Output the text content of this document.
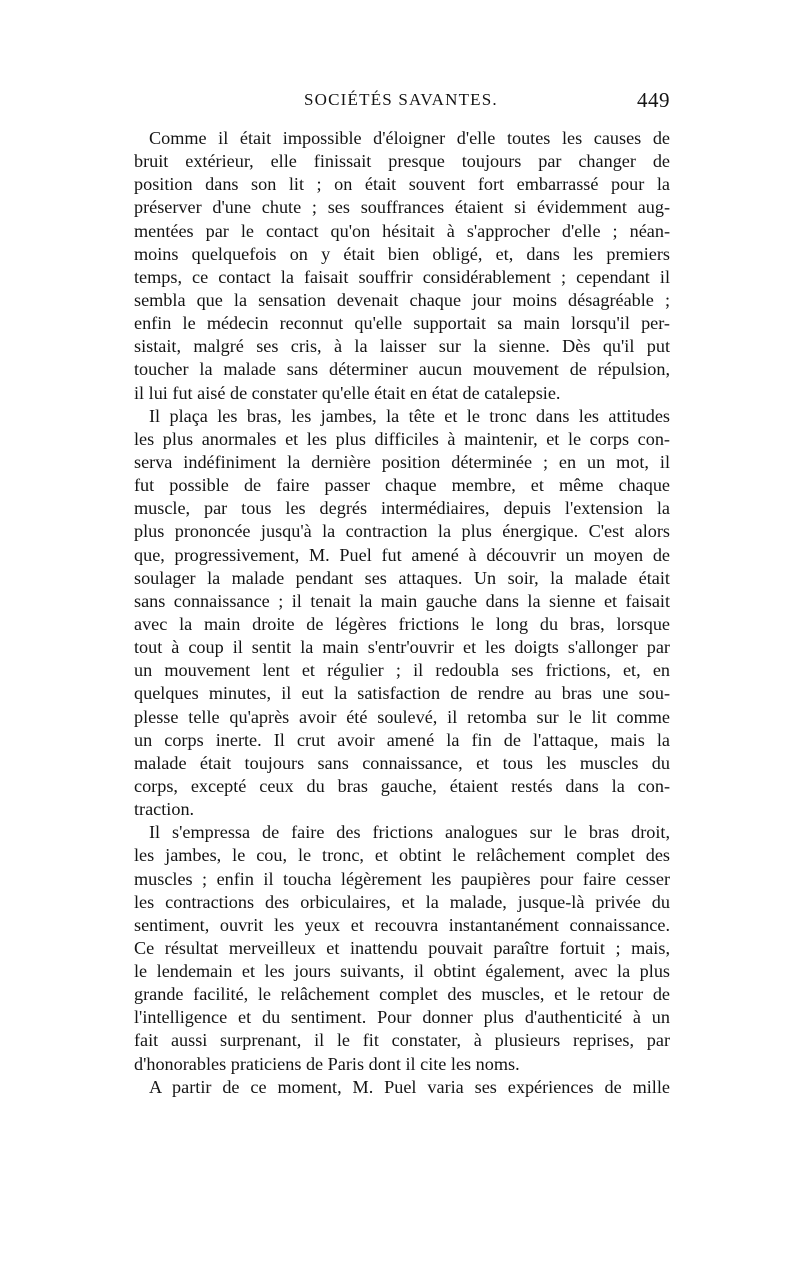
SOCIÉTÉS SAVANTES.	449
Comme il était impossible d'éloigner d'elle toutes les causes de
bruit extérieur, elle finissait presque toujours par changer de
position dans son lit ; on était souvent fort embarrassé pour la
préserver d'une chute ; ses souffrances étaient si évidemment aug-
mentées par le contact qu'on hésitait à s'approcher d'elle ; néan-
moins quelquefois on y était bien obligé, et, dans les premiers
temps, ce contact la faisait souffrir considérablement ; cependant il
sembla que la sensation devenait chaque jour moins désagréable ;
enfin le médecin reconnut qu'elle supportait sa main lorsqu'il per-
sistait, malgré ses cris, à la laisser sur la sienne. Dès qu'il put
toucher la malade sans déterminer aucun mouvement de répulsion,
il lui fut aisé de constater qu'elle était en état de catalepsie.
Il plaça les bras, les jambes, la tête et le tronc dans les attitudes
les plus anormales et les plus difficiles à maintenir, et le corps con-
serva indéfiniment la dernière position déterminée ; en un mot, il
fut possible de faire passer chaque membre, et même chaque
muscle, par tous les degrés intermédiaires, depuis l'extension la
plus prononcée jusqu'à la contraction la plus énergique. C'est alors
que, progressivement, M. Puel fut amené à découvrir un moyen de
soulager la malade pendant ses attaques. Un soir, la malade était
sans connaissance ; il tenait la main gauche dans la sienne et faisait
avec la main droite de légères frictions le long du bras, lorsque
tout à coup il sentit la main s'entr'ouvrir et les doigts s'allonger par
un mouvement lent et régulier ; il redoubla ses frictions, et, en
quelques minutes, il eut la satisfaction de rendre au bras une sou-
plesse telle qu'après avoir été soulevé, il retomba sur le lit comme
un corps inerte. Il crut avoir amené la fin de l'attaque, mais la
malade était toujours sans connaissance, et tous les muscles du
corps, excepté ceux du bras gauche, étaient restés dans la con-
traction.
Il s'empressa de faire des frictions analogues sur le bras droit,
les jambes, le cou, le tronc, et obtint le relâchement complet des
muscles ; enfin il toucha légèrement les paupières pour faire cesser
les contractions des orbiculaires, et la malade, jusque-là privée du
sentiment, ouvrit les yeux et recouvra instantanément connaissance.
Ce résultat merveilleux et inattendu pouvait paraître fortuit ; mais,
le lendemain et les jours suivants, il obtint également, avec la plus
grande facilité, le relâchement complet des muscles, et le retour de
l'intelligence et du sentiment. Pour donner plus d'authenticité à un
fait aussi surprenant, il le fit constater, à plusieurs reprises, par
d'honorables praticiens de Paris dont il cite les noms.
A partir de ce moment, M. Puel varia ses expériences de mille
